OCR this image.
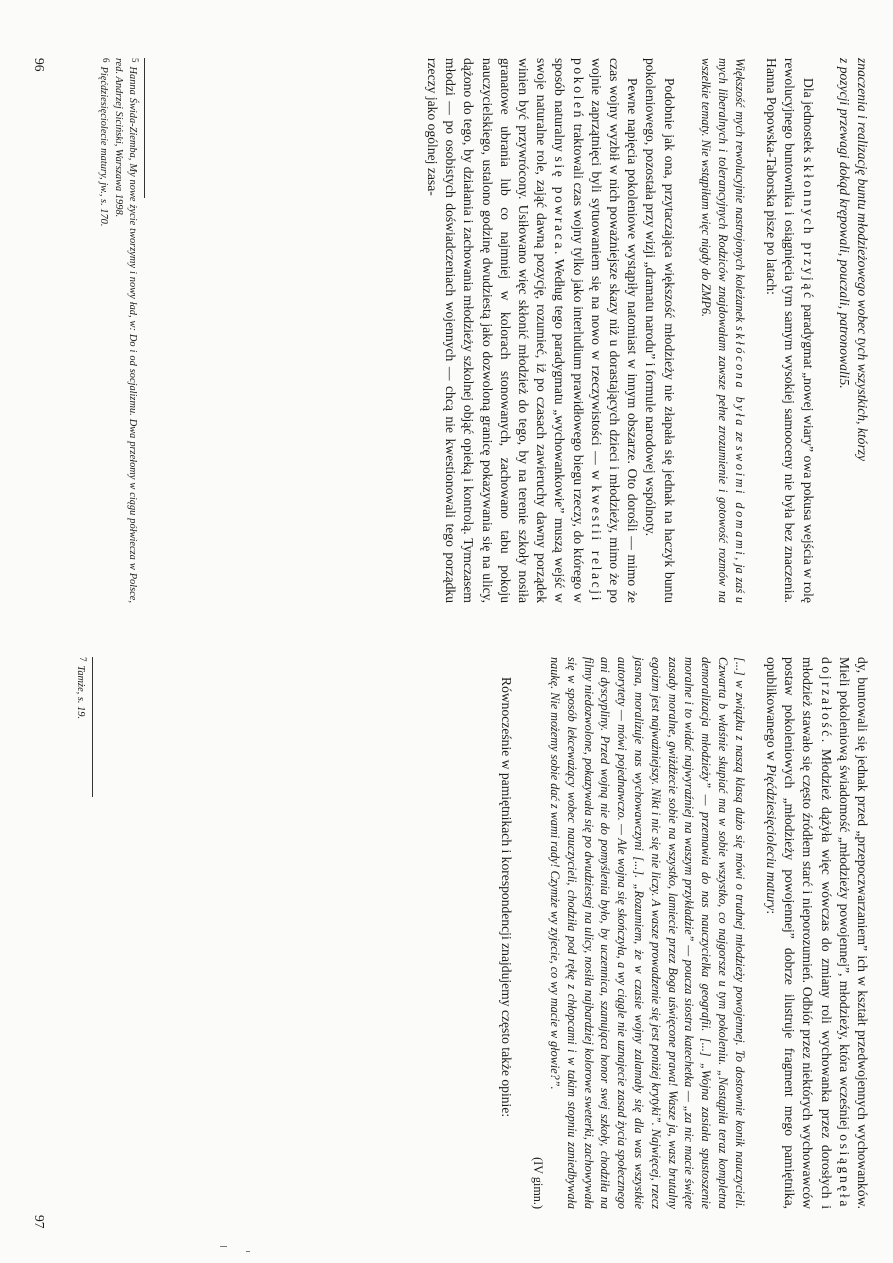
znaczenia i realizację buntu młodzieżowego wobec tych wszystkich, którzy

z pozycji przewagi dokąd krępowali, pouczali, patronowali5.

Dla jednostek skłonnych przyjąć paradygmat „nowej wiary” owa pokusa wejścia w rolę rewolucyjnego buntownika i osiągnięcia tym samym wysokiej samooceny nie była bez znaczenia. Hanna Popowska-Taborska pisze po latach:

Większość mych rewolucyjnie nastrojonych koleżanek skłócona była ze swoimi domami, ja zaś u mych liberalnych i tolerancyjnych Rodziców znajdowałam zawsze pełne zrozumienie i gotowość rozmów na wszelkie tematy. Nie wstąpiłam więc nigdy do ZMP6.

Podobnie jak ona, przytaczająca większość młodzieży nie złapała się jednak na haczyk buntu pokoleniowego, pozostała przy wizji „dramatu narodu” i formule narodowej wspólnoty.

Pewne napięcia pokoleniowe wystąpiły natomiast w innym obszarze. Oto dorośli — mimo że czas wojny wyzbił w nich poważniejsze skazy niż u dorastających dzieci i młodzieży, mimo że po wojnie zaprzątnięci byli sytuowaniem się na nowo w rzeczywistości — w kwestii relacji pokoleń traktowali czas wojny tylko jako interludium prawidłowego biegu rzeczy, do którego w sposób naturalny się powraca. Według tego paradygmatu „wychowankowie” muszą wejść w swoje naturalne role, zająć dawną pozycję, rozumieć, iż po czasach zawieruchy dawny porządek winien być przywrócony. Usiłowano więc skłonić młodzież do tego, by na terenie szkoły nosiła granatowe ubrania lub co najmniej w kolorach stonowanych, zachowano tabu pokoju nauczycielskiego, ustalono godzinę dwudziestą jako dozwoloną granicę pokazywania się na ulicy, dążono do tego, by działania i zachowania młodzieży szkolnej objąć opieką i kontrolą. Tymczasem młodzi — po osobistych doświadczeniach wojennych — chcą nie kwestionowali tego porządku rzeczy jako ogólnej zasa-

5Hanna Świda-Ziemba, My nowe życie tworzymy i nowy ład, w: Do i od socjalizmu. Dwa przełomy w ciągu półwiecza w Polsce, red. Andrzej Siciński, Warszawa 1998.

6Pięćdziesięciolecie matury, jw., s. 170.

96

dy, buntowali się jednak przed „przepoczwarzaniem” ich w kształt przedwojennych wychowanków. Mieli pokoleniową świadomość „młodzieży powojennej”, młodzieży, która wcześniej osiągnęła dojrzałość. Młodzież dążyła więc wówczas do zmiany roli wychowanka przez dorosłych i młodzież stawało się często źródłem starć i nieporozumień. Odbiór przez niektórych wychowawców postaw pokoleniowych „młodzieży powojennej” dobrze ilustruje fragment mego pamiętnika, opublikowanego w Pięćdziesięcioleciu matury:

[...] w związku z naszą klasą dużo się mówi o trudnej młodzieży powojennej. To dostownie konik nauczycieli. Czwarta b właśnie skupiać ma w sobie wszystko, co najgorsze u tym pokoleniu. „Nastąpiła teraz kompletna demoralizacja młodzieży” — przemawia do nas nauczycielka geografii. [...] „Wojna zasiała spustoszenie moralne i to widać najwyraźniej na waszym przykładzie” — poucza siostra katechetka — „za nic macie święte zasady moralne, gwiżdżecie sobie na wszystko, lamiecie przez Boga uświęcone prawa! Wasze ja, wasz brutalny egoizm jest najważniejszy. Nikt i nic się nie liczy. A wasze prowadzenie się jest poniżej krytyki”. Najwięcej, rzecz jasna, moralizuje nas wychowawczyni [...]. „Rozumiem, że w czasie wojny zalamały się dla was wszystkie autorytety — mówi pojednawczo. — Ale wojna się skończyła, a wy ciągle nie uznajecie zasad życia społecznego ani dyscypliny. Przed wojną nie do pomyślenia było, by uczennica, szanująca honor swej szkoły, chodziła na filmy niedozwolone, pokazywała się po dwudziestej na ulicy, nosiła najbardziej kolorowe sweterki, zachowywała się w sposób lekceważący wobec nauczycieli, chodziła pod rękę z chłopcami i w takim stopniu zaniedbywała naukę. Nie możemy sobie dać z wami rady! Czymże wy zyjecie, co wy macie w głowie?”.

(IV gimn.)

Równocześnie w pamiętnikach i korespondencji znajdujemy często także opinie:

7Tamże, s. 19.

97
